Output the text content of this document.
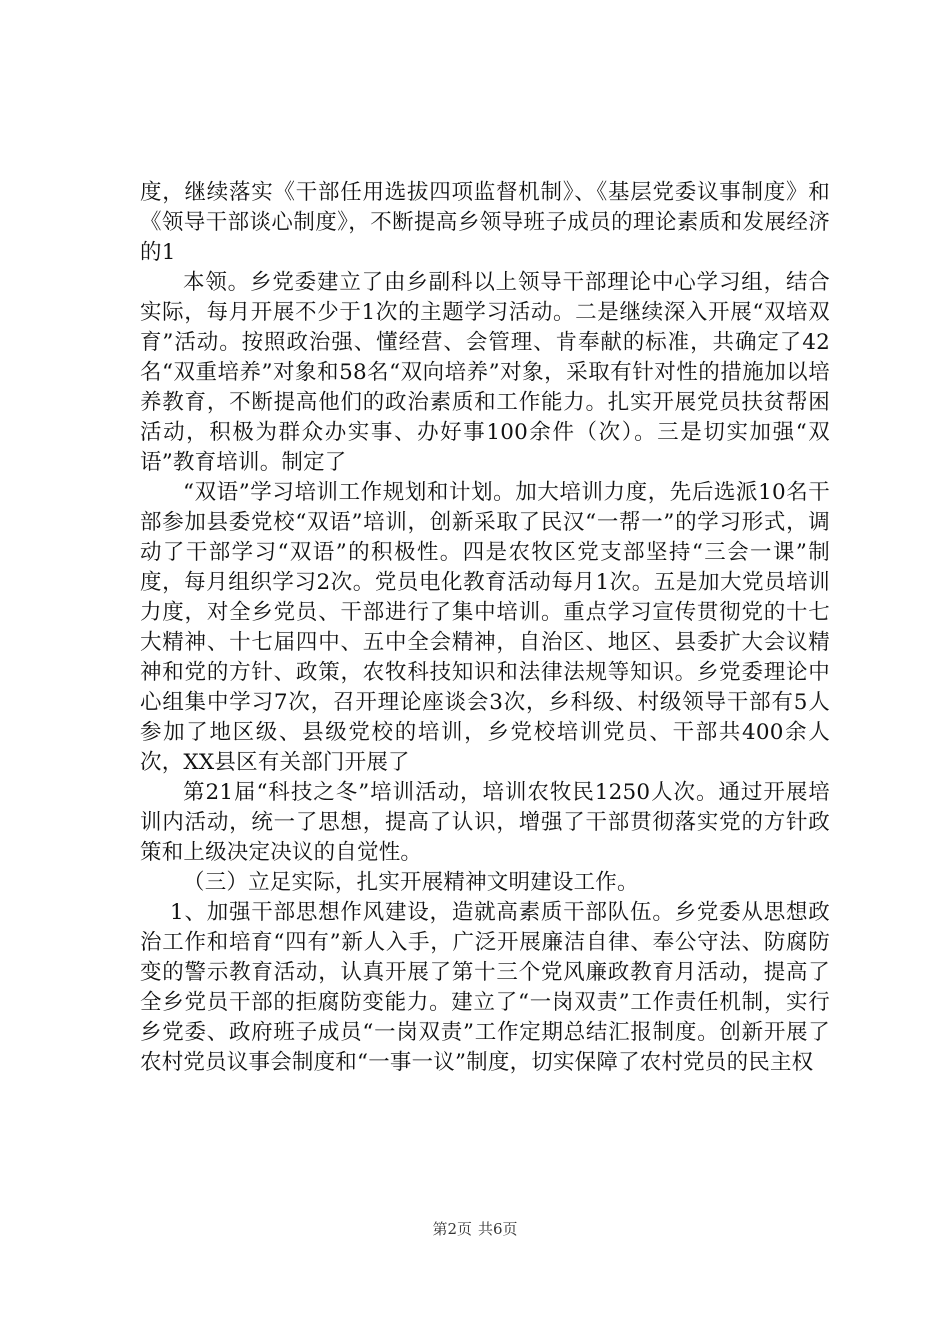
度，继续落实《干部任用选拔四项监督机制》、《基层党委议事制度》和《领导干部谈心制度》，不断提高乡领导班子成员的理论素质和发展经济的1

本领。乡党委建立了由乡副科以上领导干部理论中心学习组，结合实际，每月开展不少于1次的主题学习活动。二是继续深入开展“双培双育”活动。按照政治强、懂经营、会管理、肯奉献的标准，共确定了42名“双重培养”对象和58名“双向培养”对象，采取有针对性的措施加以培养教育，不断提高他们的政治素质和工作能力。扎实开展党员扶贫帮困活动，积极为群众办实事、办好事100余件（次）。三是切实加强“双语”教育培训。制定了

“双语”学习培训工作规划和计划。加大培训力度，先后选派10名干部参加县委党校“双语”培训，创新采取了民汉“一帮一”的学习形式，调动了干部学习“双语”的积极性。四是农牧区党支部坚持“三会一课”制度，每月组织学习2次。党员电化教育活动每月1次。五是加大党员培训力度，对全乡党员、干部进行了集中培训。重点学习宣传贯彻党的十七大精神、十七届四中、五中全会精神，自治区、地区、县委扩大会议精神和党的方针、政策，农牧科技知识和法律法规等知识。乡党委理论中心组集中学习7次，召开理论座谈会3次，乡科级、村级领导干部有5人参加了地区级、县级党校的培训，乡党校培训党员、干部共400余人次，XX县区有关部门开展了

第21届“科技之冬”培训活动，培训农牧民1250人次。通过开展培训内活动，统一了思想，提高了认识，增强了干部贯彻落实党的方针政策和上级决定决议的自觉性。

（三）立足实际，扎实开展精神文明建设工作。

1、加强干部思想作风建设，造就高素质干部队伍。乡党委从思想政治工作和培育“四有”新人入手，广泛开展廉洁自律、奉公守法、防腐防变的警示教育活动，认真开展了第十三个党风廉政教育月活动，提高了全乡党员干部的拒腐防变能力。建立了“一岗双责”工作责任机制，实行乡党委、政府班子成员“一岗双责”工作定期总结汇报制度。创新开展了农村党员议事会制度和“一事一议”制度，切实保障了农村党员的民主权

第2页 共6页
